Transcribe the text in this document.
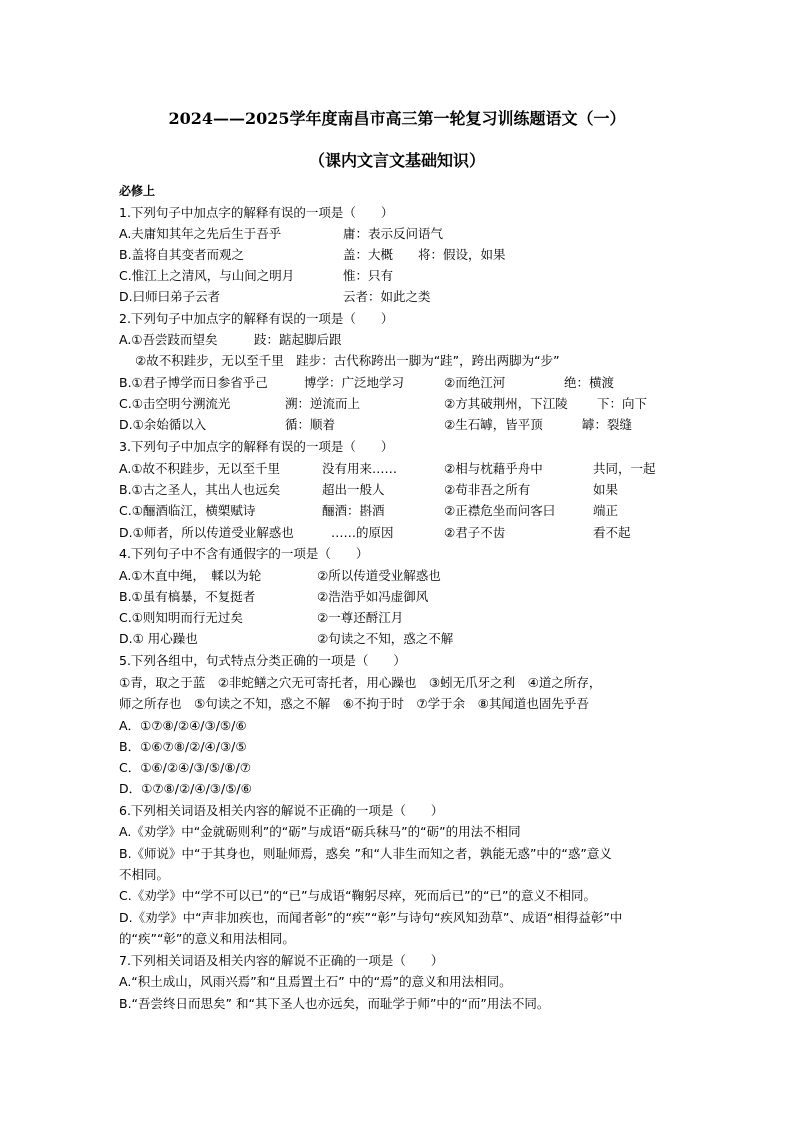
2024——2025学年度南昌市高三第一轮复习训练题语文（一）
（课内文言文基础知识）
必修上
1.下列句子中加点字的解释有误的一项是（　　）
A.夫庸知其年之先后生于吾乎	庸：表示反问语气
B.盖将自其变者而观之	盖：大概　　将：假设，如果
C.惟江上之清风，与山间之明月	惟：只有
D.曰师曰弟子云者	云者：如此之类
2.下列句子中加点字的解释有误的一项是（　　）
A.①吾尝跂而望矣	跂：踮起脚后跟
②故不积跬步，无以至千里　跬步：古代称跨出一脚为“跬”，跨出两脚为“步”
B.①君子博学而日参省乎己	博学：广泛地学习	②而绝江河	绝：横渡
C.①击空明兮溯流光	溯：逆流而上	②方其破荆州，下江陵 下：向下
D.①余始循以入	循：顺着	②生石罅，皆平顶	罅：裂缝
3.下列句子中加点字的解释有误的一项是（　　）
A.①故不积跬步，无以至千里	没有用来……	②相与枕藉乎舟中	共同，一起
B.①古之圣人，其出人也远矣	超出一般人	②苟非吾之所有	如果
C.①酾酒临江，横槊赋诗	酾酒：斟酒	②正襟危坐而问客曰	端正
D.①师者，所以传道受业解惑也	……的原因	②君子不齿	看不起
4.下列句子中不含有通假字的一项是（　　）
A.①木直中绳，　輮以为轮	②所以传道受业解惑也
B.①虽有槁暴，不复挺者	②浩浩乎如冯虚御风
C.①则知明而行无过矣	②一尊还酹江月
D.① 用心躁也	②句读之不知，惑之不解
5.下列各组中，句式特点分类正确的一项是（　　）
①青，取之于蓝　②非蛇鳝之穴无可寄托者，用心躁也　③蚓无爪牙之利　④道之所存，
师之所存也　⑤句读之不知，惑之不解　⑥不拘于时　⑦学于余　⑧其闻道也固先乎吾
A．①⑦⑧/②④/③/⑤/⑥
B．①⑥⑦⑧/②/④/③/⑤
C．①⑥/②④/③/⑤/⑧/⑦
D．①⑦⑧/②/④/③/⑤/⑥
6.下列相关词语及相关内容的解说不正确的一项是（　　）
A.《劝学》中“金就砺则利”的“砺”与成语“砺兵秣马”的“砺”的用法不相同
B.《师说》中“于其身也，则耻师焉，惑矣 ”和“人非生而知之者，孰能无惑”中的“惑”意义
不相同。
C.《劝学》中“学不可以已”的“已”与成语“鞠躬尽瘁，死而后已”的“已”的意义不相同。
D.《劝学》中“声非加疾也，而闻者彰”的“疾”“彰”与诗句“疾风知劲草”、成语“相得益彰”中
的“疾”“彰”的意义和用法相同。
7.下列相关词语及相关内容的解说不正确的一项是（　　）
A.“积土成山，风雨兴焉”和“且焉置土石” 中的“焉”的意义和用法相同。
B.“吾尝终日而思矣” 和“其下圣人也亦远矣，而耻学于师”中的“而”用法不同。
